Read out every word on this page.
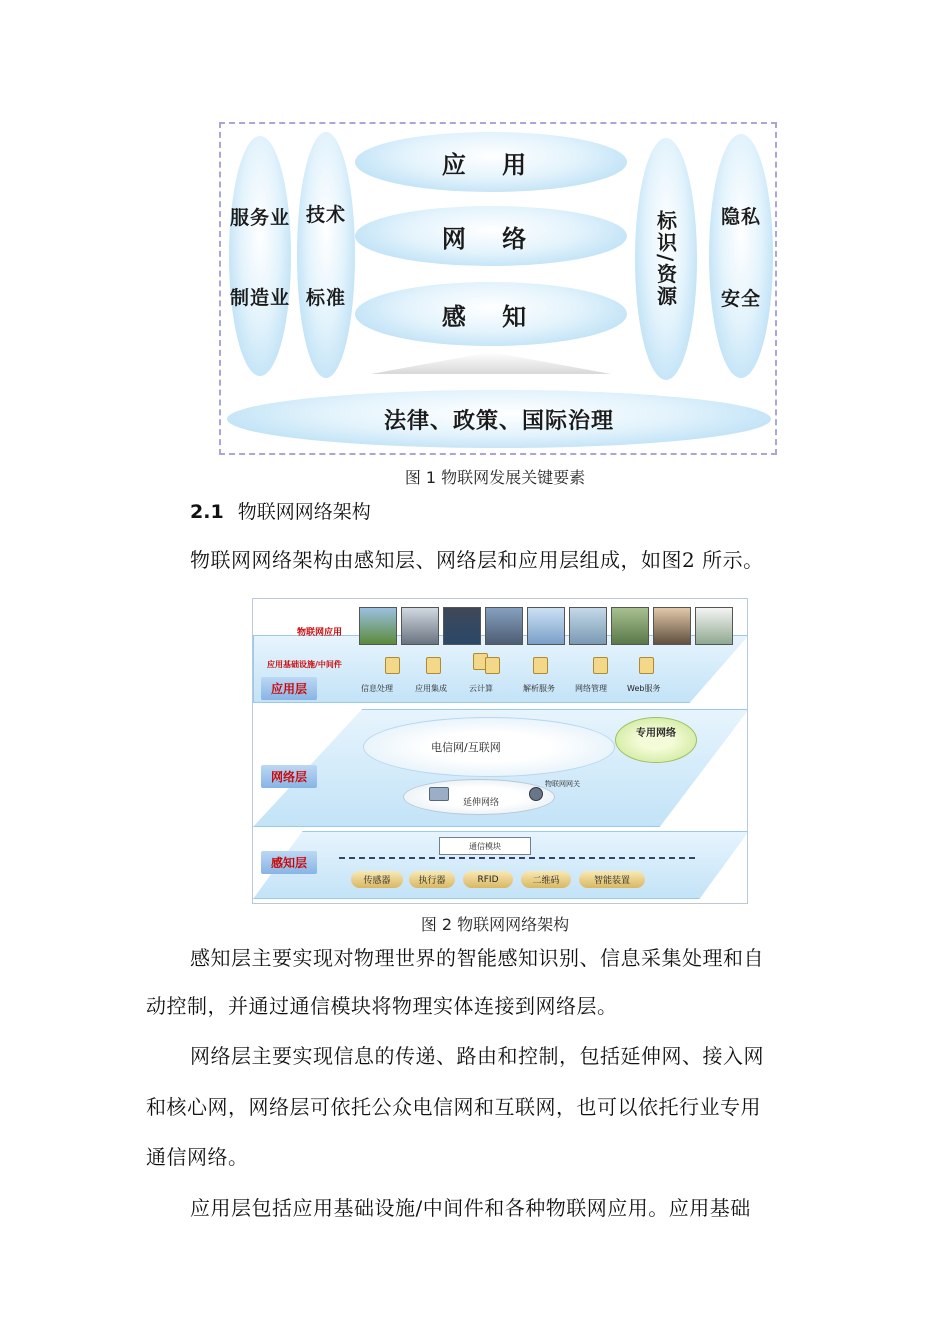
服务业
制造业
技术
标准
应 用
网 络
感 知
标识/资源 隐私
安全
法律、政策、国际治理
图 1 物联网发展关键要素
2.1 物联网网络架构
物联网网络架构由感知层、网络层和应用层组成，如图2 所示。
物联网应用
应用基础设施/中间件
应用层	信息处理	应用集成	云计算	解析服务	网络管理	Web服务
电信网/互联网
专用网络
网络层
延伸网络
物联网网关
通信模块
感知层
传感器	执行器	RFID	二维码	智能装置
图 2 物联网网络架构
感知层主要实现对物理世界的智能感知识别、信息采集处理和自
动控制，并通过通信模块将物理实体连接到网络层。
网络层主要实现信息的传递、路由和控制，包括延伸网、接入网
和核心网，网络层可依托公众电信网和互联网，也可以依托行业专用
通信网络。
应用层包括应用基础设施/中间件和各种物联网应用。应用基础
